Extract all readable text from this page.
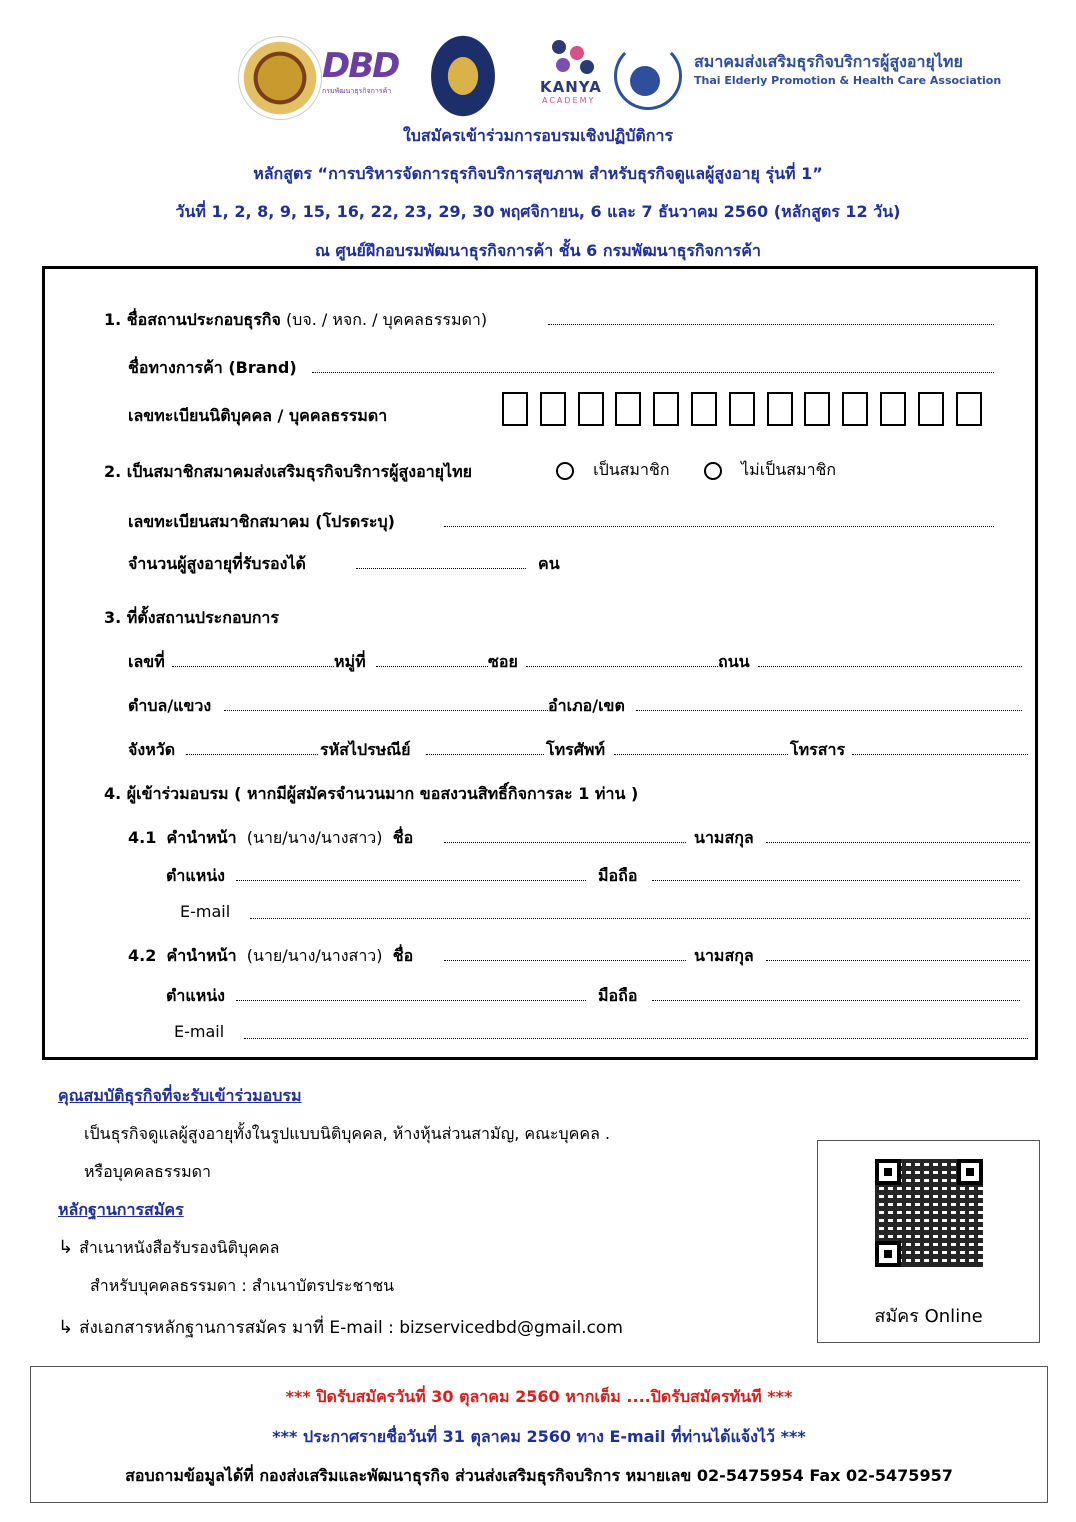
DBD
กรมพัฒนาธุรกิจการค้า	KANYA
ACADEMY
สมาคมส่งเสริมธุรกิจบริการผู้สูงอายุไทย
Thai Elderly Promotion & Health Care Association
ใบสมัครเข้าร่วมการอบรมเชิงปฏิบัติการ
หลักสูตร “การบริหารจัดการธุรกิจบริการสุขภาพ สำหรับธุรกิจดูแลผู้สูงอายุ รุ่นที่ 1”
วันที่ 1, 2, 8, 9, 15, 16, 22, 23, 29, 30 พฤศจิกายน, 6 และ 7 ธันวาคม 2560 (หลักสูตร 12 วัน)
ณ ศูนย์ฝึกอบรมพัฒนาธุรกิจการค้า ชั้น 6 กรมพัฒนาธุรกิจการค้า
1. ชื่อสถานประกอบธุรกิจ (บจ. / หจก. / บุคคลธรรมดา)
ชื่อทางการค้า (Brand)
เลขทะเบียนนิติบุคคล / บุคคลธรรมดา
2. เป็นสมาชิกสมาคมส่งเสริมธุรกิจบริการผู้สูงอายุไทย	เป็นสมาชิก	ไม่เป็นสมาชิก
เลขทะเบียนสมาชิกสมาคม (โปรดระบุ)
จำนวนผู้สูงอายุที่รับรองได้	คน
3. ที่ตั้งสถานประกอบการ
เลขที่	หมู่ที่	ซอย	ถนน
ตำบล/แขวง	อำเภอ/เขต
จังหวัด	รหัสไปรษณีย์	โทรศัพท์	โทรสาร
4. ผู้เข้าร่วมอบรม ( หากมีผู้สมัครจำนวนมาก ขอสงวนสิทธิ์กิจการละ 1 ท่าน )
4.1 คำนำหน้า (นาย/นาง/นางสาว) ชื่อ	นามสกุล
ตำแหน่ง	มือถือ
E-mail
4.2 คำนำหน้า (นาย/นาง/นางสาว) ชื่อ	นามสกุล
ตำแหน่ง	มือถือ
E-mail
คุณสมบัติธุรกิจที่จะรับเข้าร่วมอบรม
เป็นธุรกิจดูแลผู้สูงอายุทั้งในรูปแบบนิติบุคคล, ห้างหุ้นส่วนสามัญ, คณะบุคคล .
หรือบุคคลธรรมดา
หลักฐานการสมัคร
↳ สำเนาหนังสือรับรองนิติบุคคล
สำหรับบุคคลธรรมดา : สำเนาบัตรประชาชน
↳ ส่งเอกสารหลักฐานการสมัคร มาที่ E-mail : bizservicedbd@gmail.com
สมัคร Online
*** ปิดรับสมัครวันที่ 30 ตุลาคม 2560 หากเต็ม ....ปิดรับสมัครทันที ***
*** ประกาศรายชื่อวันที่ 31 ตุลาคม 2560 ทาง E-mail ที่ท่านได้แจ้งไว้ ***
สอบถามข้อมูลได้ที่ กองส่งเสริมและพัฒนาธุรกิจ ส่วนส่งเสริมธุรกิจบริการ หมายเลข 02-5475954 Fax 02-5475957
